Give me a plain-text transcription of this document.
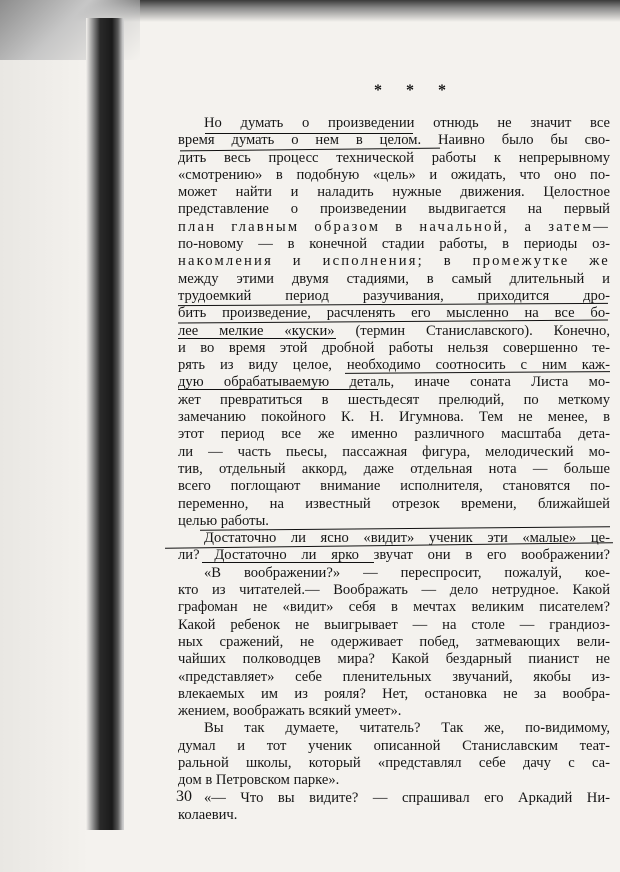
* * *
Но думать о произведении отнюдь не значит все
время думать о нем в целом. Наивно было бы сво-
дить весь процесс технической работы к непрерывному
«смотрению» в подобную «цель» и ожидать, что оно по-
может найти и наладить нужные движения. Целостное
представление о произведении выдвигается на первый
план главным образом в начальной, а затем—
по-новому — в конечной стадии работы, в периоды оз-
накомления и исполнения; в промежутке же
между этими двумя стадиями, в самый длительный и
трудоемкий период разучивания, приходится дро-
бить произведение, расчленять его мысленно на все бо-
лее мелкие «куски» (термин Станиславского). Конечно,
и во время этой дробной работы нельзя совершенно те-
рять из виду целое, необходимо соотносить с ним каж-
дую обрабатываемую деталь, иначе соната Листа мо-
жет превратиться в шестьдесят прелюдий, по меткому
замечанию покойного К. Н. Игумнова. Тем не менее, в
этот период все же именно различного масштаба дета-
ли — часть пьесы, пассажная фигура, мелодический мо-
тив, отдельный аккорд, даже отдельная нота — больше
всего поглощают внимание исполнителя, становятся по-
переменно, на известный отрезок времени, ближайшей
целью работы.
Достаточно ли ясно «видит» ученик эти «малые» це-
ли? Достаточно ли ярко звучат они в его воображении?
«В воображении?» — переспросит, пожалуй, кое-
кто из читателей.— Воображать — дело нетрудное. Какой
графоман не «видит» себя в мечтах великим писателем?
Какой ребенок не выигрывает — на столе — грандиоз-
ных сражений, не одерживает побед, затмевающих вели-
чайших полководцев мира? Какой бездарный пианист не
«представляет» себе пленительных звучаний, якобы из-
влекаемых им из рояля? Нет, остановка не за вообра-
жением, воображать всякий умеет».
Вы так думаете, читатель? Так же, по-видимому,
думал и тот ученик описанной Станиславским теат-
ральной школы, который «представлял себе дачу с са-
дом в Петровском парке».
«— Что вы видите? — спрашивал его Аркадий Ни-
колаевич.
30
